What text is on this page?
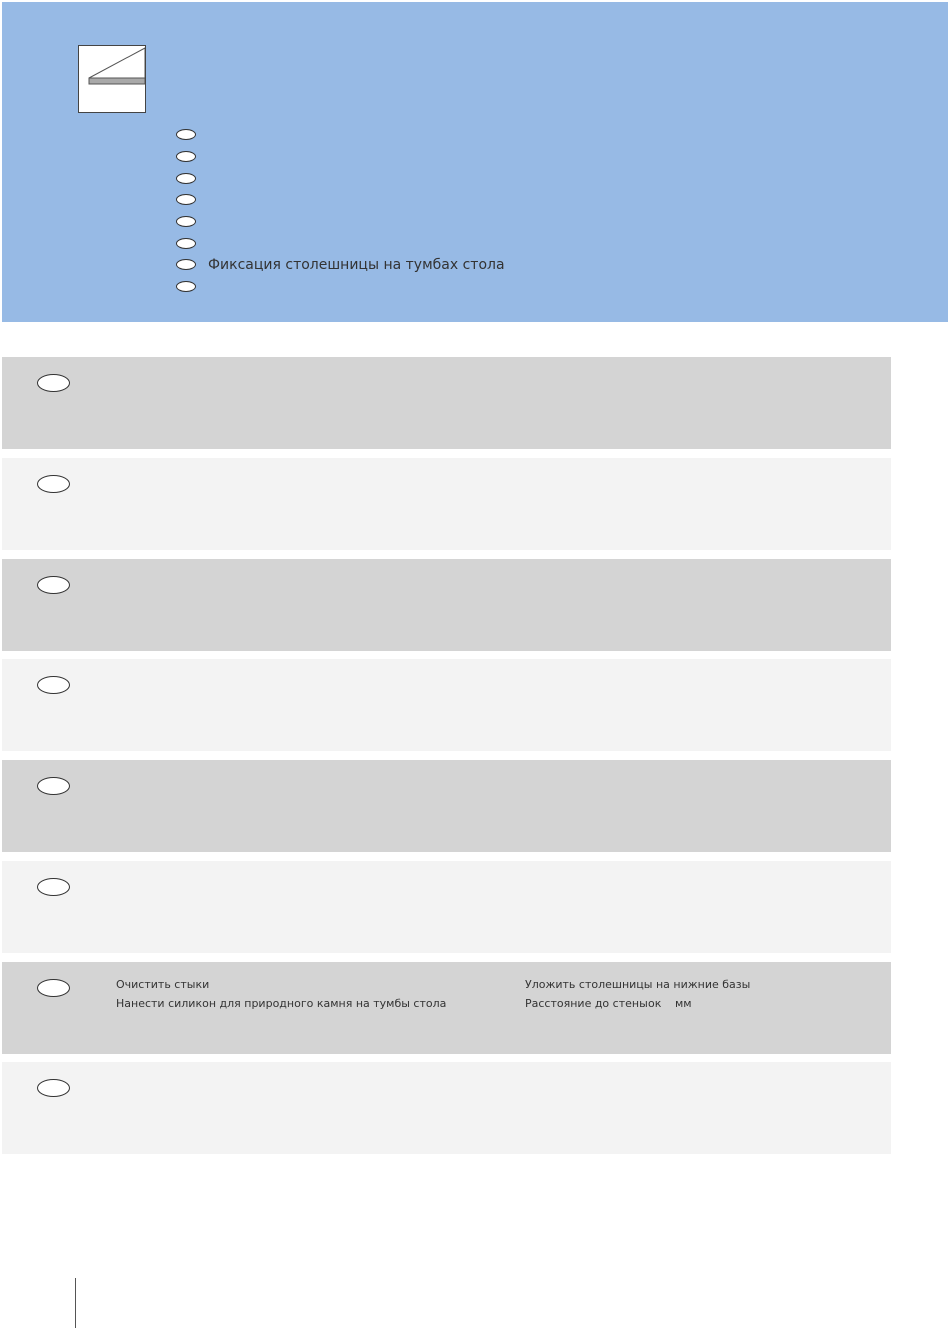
Фиксация столешницы на тумбах стола
Очистить стыки
Нанести силикон для природного камня на тумбы стола
Уложить столешницы на нижние базы
Расстояние до стены ок мм
